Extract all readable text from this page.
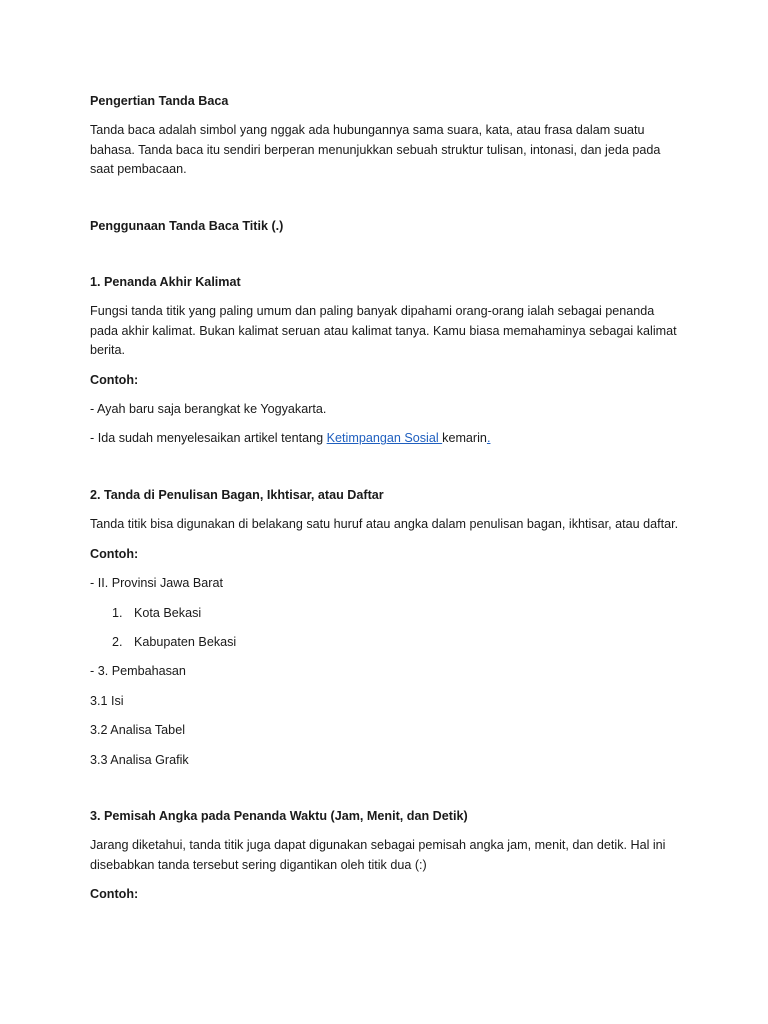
Pengertian Tanda Baca

Tanda baca adalah simbol yang nggak ada hubungannya sama suara, kata, atau frasa dalam suatu bahasa. Tanda baca itu sendiri berperan menunjukkan sebuah struktur tulisan, intonasi, dan jeda pada saat pembacaan.

Penggunaan Tanda Baca Titik (.)

1. Penanda Akhir Kalimat

Fungsi tanda titik yang paling umum dan paling banyak dipahami orang-orang ialah sebagai penanda pada akhir kalimat. Bukan kalimat seruan atau kalimat tanya. Kamu biasa memahaminya sebagai kalimat berita.

Contoh:

- Ayah baru saja berangkat ke Yogyakarta.

- Ida sudah menyelesaikan artikel tentang Ketimpangan Sosial kemarin.

2. Tanda di Penulisan Bagan, Ikhtisar, atau Daftar

Tanda titik bisa digunakan di belakang satu huruf atau angka dalam penulisan bagan, ikhtisar, atau daftar.

Contoh:

- II. Provinsi Jawa Barat

1. Kota Bekasi
2. Kabupaten Bekasi

- 3. Pembahasan

3.1 Isi

3.2 Analisa Tabel

3.3 Analisa Grafik

3. Pemisah Angka pada Penanda Waktu (Jam, Menit, dan Detik)

Jarang diketahui, tanda titik juga dapat digunakan sebagai pemisah angka jam, menit, dan detik. Hal ini disebabkan tanda tersebut sering digantikan oleh titik dua (:)

Contoh:
